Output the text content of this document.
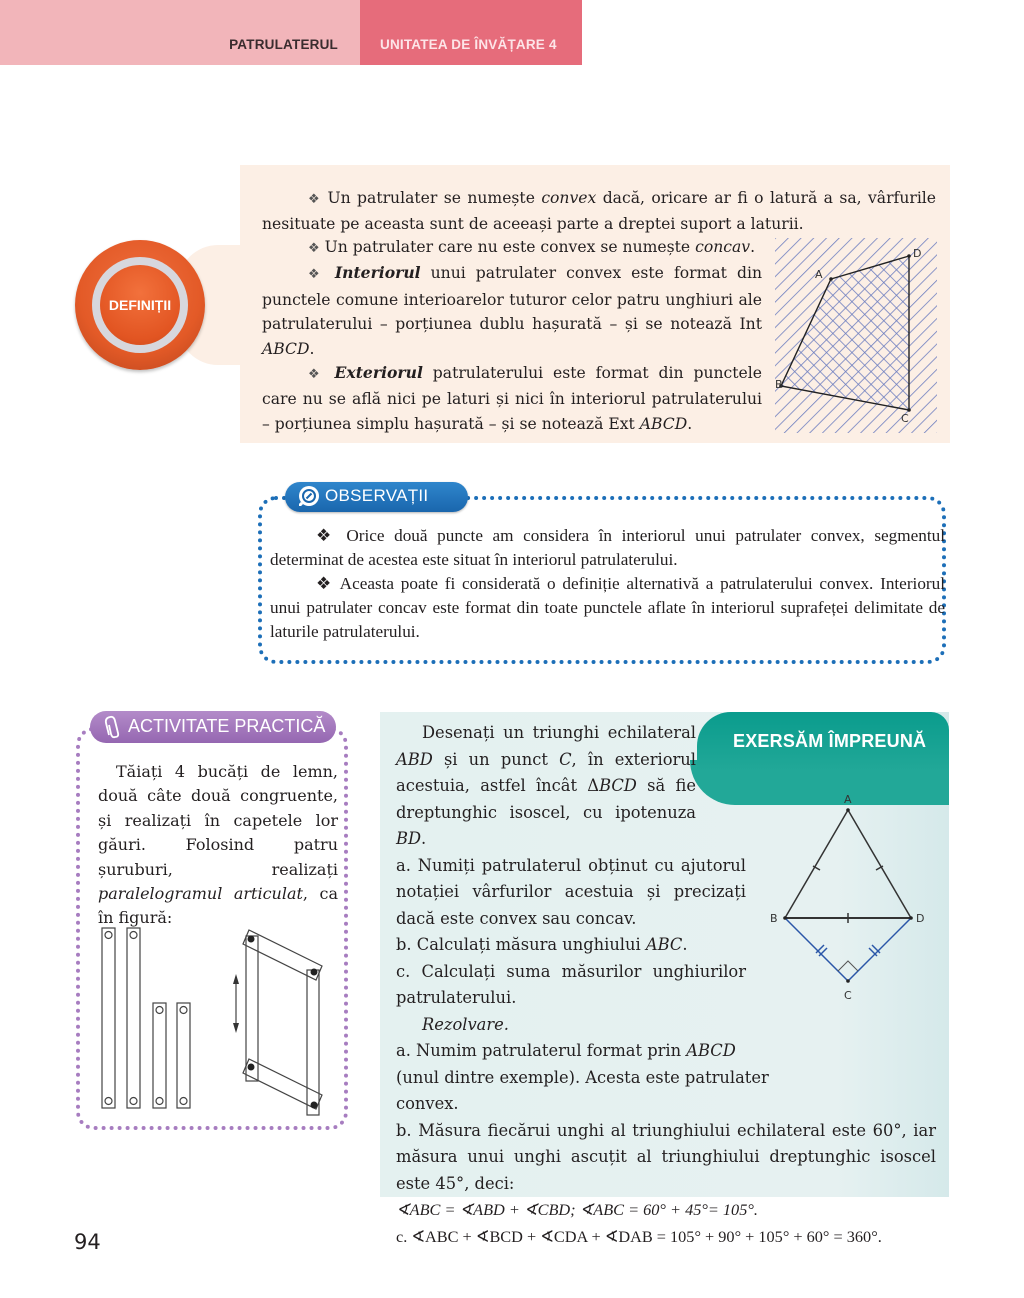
PATRULATERUL	UNITATEA DE ÎNVĂȚARE 4
DEFINIȚII

❖ Un patrulater se numește convex dacă, oricare ar fi o latură a sa, vârfurile nesituate pe aceasta sunt de aceeași parte a dreptei suport a laturii.

❖ Un patrulater care nu este convex se numește concav.

❖ Interiorul unui patrulater convex este format din punctele comune interioarelor tuturor celor patru unghiuri ale patrulaterului – porțiunea dublu hașurată – și se notează Int ABCD.

❖ Exteriorul patrulaterului este format din punctele care nu se află nici pe laturi și nici în interiorul patrulaterului – porțiunea simplu hașurată – și se notează Ext ABCD.

A
D
B
C
OBSERVAȚII

❖ Orice două puncte am considera în interiorul unui patrulater convex, segmentul determinat de acestea este situat în interiorul patrulaterului.

❖ Aceasta poate fi considerată o definiție alternativă a patrulaterului convex. Interiorul unui patrulater concav este format din toate punctele aflate în interiorul suprafeței delimitate de laturile patrulaterului.

ACTIVITATE PRACTICĂ

Tăiați 4 bucăți de lemn, două câte două congruente, și realizați în capetele lor găuri. Folosind patru șuruburi, realizați paralelogramul articulat, ca în figură:

EXERSĂM ÎMPREUNĂ

Desenați un triunghi echilateral ABD și un punct C, în exteriorul acestuia, astfel încât ΔBCD să fie dreptunghic isoscel, cu ipotenuza BD.

a. Numiți patrulaterul obținut cu ajutorul notației vârfurilor acestuia și precizați dacă este convex sau concav.

b. Calculați măsura unghiului ABC.

c. Calculați suma măsurilor unghiurilor patrulaterului.

Rezolvare.

a. Numim patrulaterul format prin ABCD (unul dintre exemple). Acesta este patrulater convex.

b. Măsura fiecărui unghi al triunghiului echilateral este 60°, iar măsura unui unghi ascuțit al triunghiului dreptunghic isoscel este 45°, deci:

∢ABC = ∢ABD + ∢CBD; ∢ABC = 60° + 45°= 105°.

c. ∢ABC + ∢BCD + ∢CDA + ∢DAB = 105° + 90° + 105° + 60° = 360°.

A
B	D
C
94
